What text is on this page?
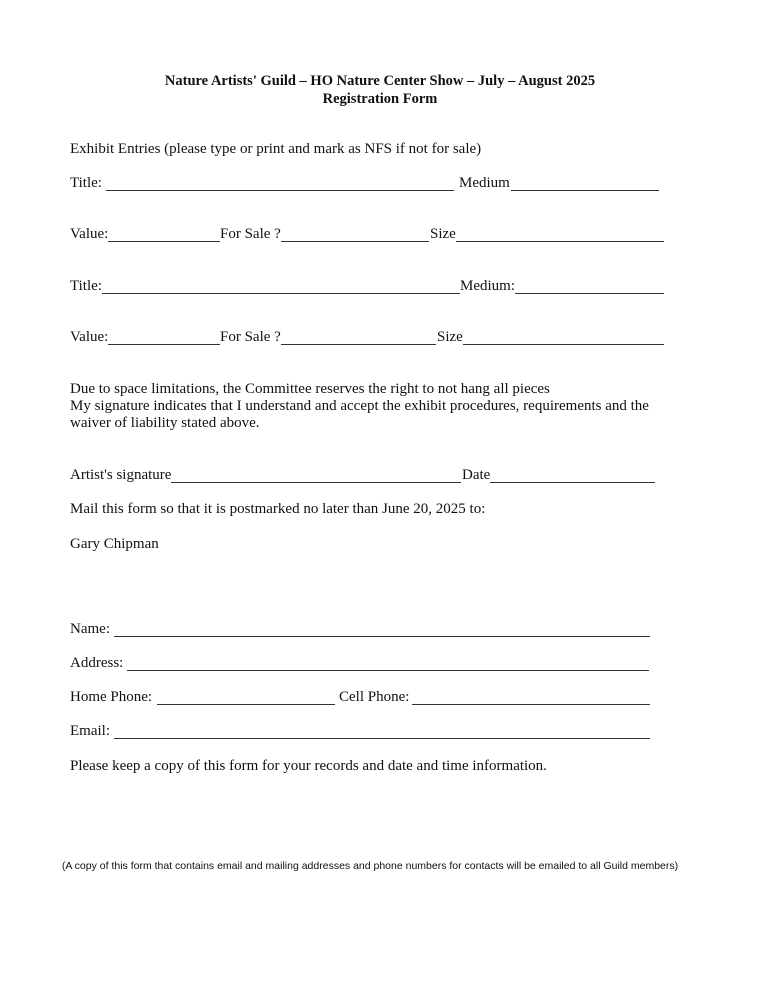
Nature Artists' Guild – HO Nature Center Show – July – August 2025
Registration Form
Exhibit Entries (please type or print and mark as NFS if not for sale)
Title:	Medium
Value:	For Sale ?	Size
Title:	Medium:
Value:	For Sale ?	Size
Due to space limitations, the Committee reserves the right to not hang all pieces
My signature indicates that I understand and accept the exhibit procedures, requirements and the
waiver of liability stated above.
Artist's signature	Date
Mail this form so that it is postmarked no later than June 20, 2025 to:
Gary Chipman
Name:
Address:
Home Phone:	Cell Phone:
Email:
Please keep a copy of this form for your records and date and time information.
(A copy of this form that contains email and mailing addresses and phone numbers for contacts will be emailed to all Guild members)
